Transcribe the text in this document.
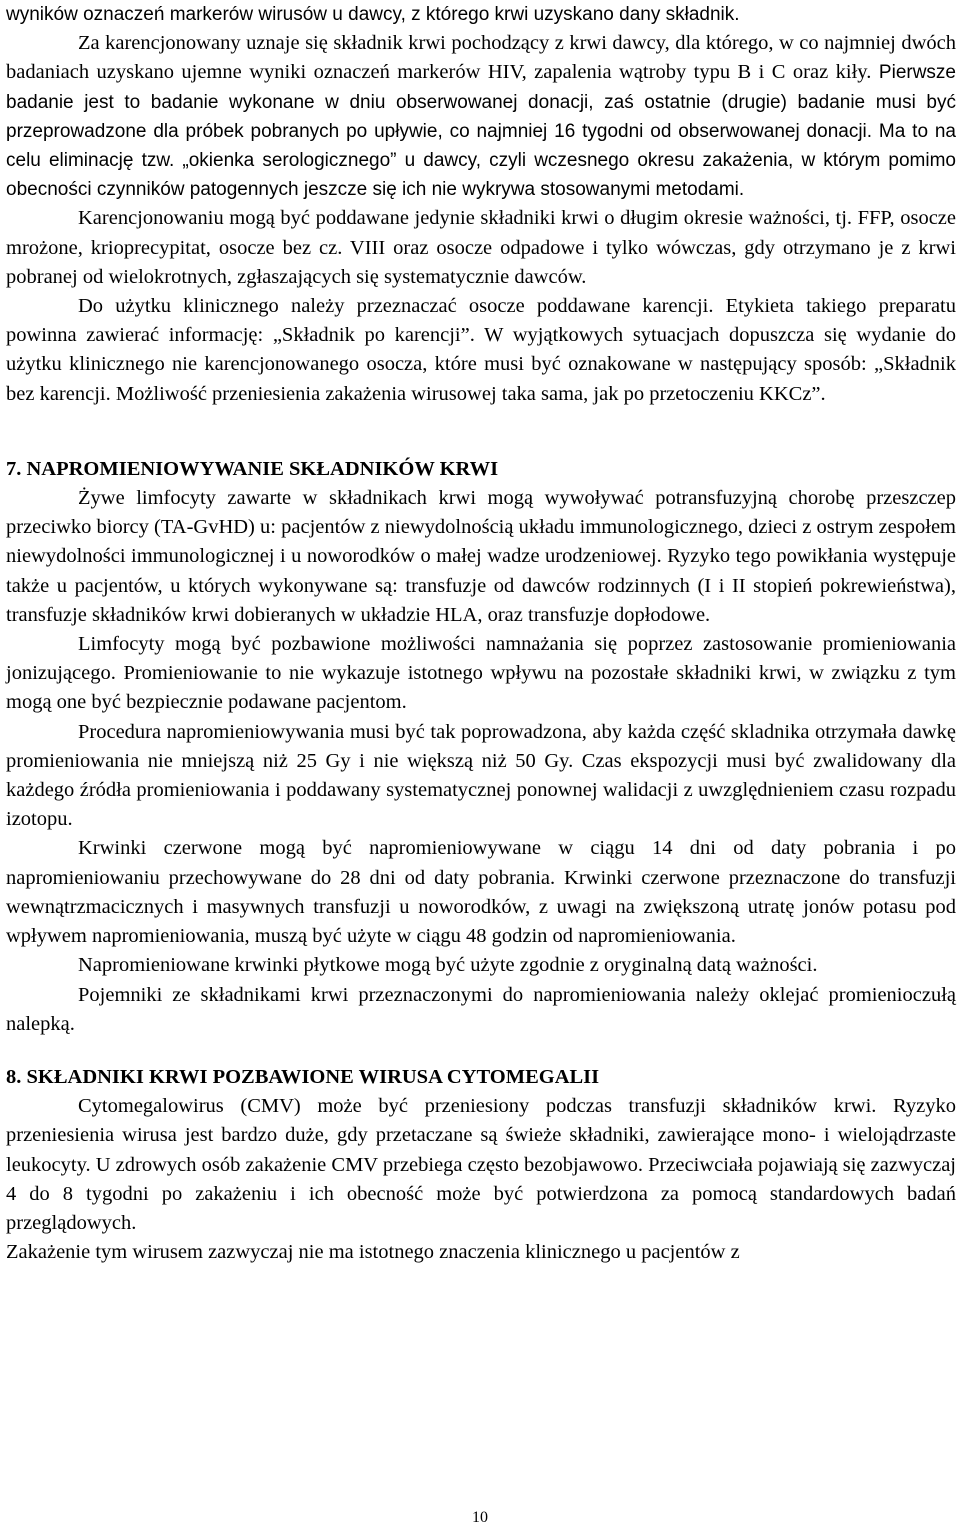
wyników oznaczeń markerów wirusów u dawcy, z którego krwi uzyskano dany składnik.

Za karencjonowany uznaje się składnik krwi pochodzący z krwi dawcy, dla którego, w co najmniej dwóch badaniach uzyskano ujemne wyniki oznaczeń markerów HIV, zapalenia wątroby typu B i C oraz kiły. Pierwsze badanie jest to badanie wykonane w dniu obserwowanej donacji, zaś ostatnie (drugie) badanie musi być przeprowadzone dla próbek pobranych po upływie, co najmniej 16 tygodni od obserwowanej donacji. Ma to na celu eliminację tzw. „okienka serologicznego” u dawcy, czyli wczesnego okresu zakażenia, w którym pomimo obecności czynników patogennych jeszcze się ich nie wykrywa stosowanymi metodami.

Karencjonowaniu mogą być poddawane jedynie składniki krwi o długim okresie ważności, tj. FFP, osocze mrożone, krioprecypitat, osocze bez cz. VIII oraz osocze odpadowe i tylko wówczas, gdy otrzymano je z krwi pobranej od wielokrotnych, zgłaszających się systematycznie dawców.

Do użytku klinicznego należy przeznaczać osocze poddawane karencji. Etykieta takiego preparatu powinna zawierać informację: „Składnik po karencji”. W wyjątkowych sytuacjach dopuszcza się wydanie do użytku klinicznego nie karencjonowanego osocza, które musi być oznakowane w następujący sposób: „Składnik bez karencji. Możliwość przeniesienia zakażenia wirusowej taka sama, jak po przetoczeniu KKCz”.

7. NAPROMIENIOWYWANIE SKŁADNIKÓW KRWI

Żywe limfocyty zawarte w składnikach krwi mogą wywoływać potransfuzyjną chorobę przeszczep przeciwko biorcy (TA-GvHD) u: pacjentów z niewydolnością układu immunologicznego, dzieci z ostrym zespołem niewydolności immunologicznej i u noworodków o małej wadze urodzeniowej. Ryzyko tego powikłania występuje także u pacjentów, u których wykonywane są: transfuzje od dawców rodzinnych (I i II stopień pokrewieństwa), transfuzje składników krwi dobieranych w układzie HLA, oraz transfuzje dopłodowe.

Limfocyty mogą być pozbawione możliwości namnażania się poprzez zastosowanie promieniowania jonizującego. Promieniowanie to nie wykazuje istotnego wpływu na pozostałe składniki krwi, w związku z tym mogą one być bezpiecznie podawane pacjentom.

Procedura napromieniowywania musi być tak poprowadzona, aby każda część skladnika otrzymała dawkę promieniowania nie mniejszą niż 25 Gy i nie większą niż 50 Gy. Czas ekspozycji musi być zwalidowany dla każdego źródła promieniowania i poddawany systematycznej ponownej walidacji z uwzględnieniem czasu rozpadu izotopu.

Krwinki czerwone mogą być napromieniowywane w ciągu 14 dni od daty pobrania i po napromieniowaniu przechowywane do 28 dni od daty pobrania. Krwinki czerwone przeznaczone do transfuzji wewnątrzmacicznych i masywnych transfuzji u noworodków, z uwagi na zwiększoną utratę jonów potasu pod wpływem napromieniowania, muszą być użyte w ciągu 48 godzin od napromieniowania.

Napromieniowane krwinki płytkowe mogą być użyte zgodnie z oryginalną datą ważności.

Pojemniki ze składnikami krwi przeznaczonymi do napromieniowania należy oklejać promienioczułą nalepką.

8. SKŁADNIKI KRWI POZBAWIONE WIRUSA CYTOMEGALII

Cytomegalowirus (CMV) może być przeniesiony podczas transfuzji składników krwi. Ryzyko przeniesienia wirusa jest bardzo duże, gdy przetaczane są świeże składniki, zawierające mono- i wielojądrzaste leukocyty. U zdrowych osób zakażenie CMV przebiega często bezobjawowo. Przeciwciała pojawiają się zazwyczaj 4 do 8 tygodni po zakażeniu i ich obecność może być potwierdzona za pomocą standardowych badań przeglądowych.

Zakażenie tym wirusem zazwyczaj nie ma istotnego znaczenia klinicznego u pacjentów z

10
